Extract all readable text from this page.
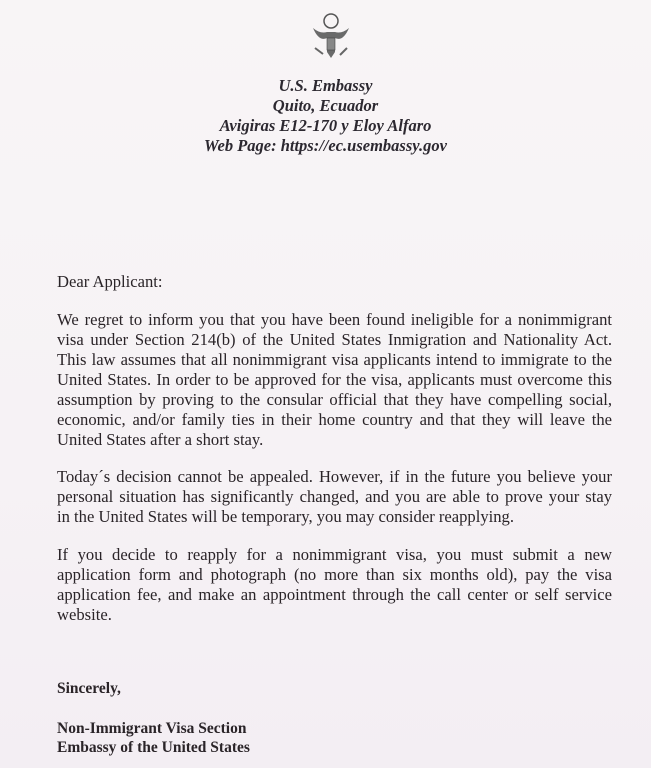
U.S. Embassy
Quito, Ecuador
Avigiras E12-170 y Eloy Alfaro
Web Page: https://ec.usembassy.gov
Dear Applicant:
We regret to inform you that you have been found ineligible for a nonimmigrant
visa under Section 214(b) of the United States Inmigration and Nationality Act.
This law assumes that all nonimmigrant visa applicants intend to immigrate to the
United States. In order to be approved for the visa, applicants must overcome this
assumption by proving to the consular official that they have compelling social,
economic, and/or family ties in their home country and that they will leave the
United States after a short stay.
Today´s decision cannot be appealed. However, if in the future you believe your
personal situation has significantly changed, and you are able to prove your stay
in the United States will be temporary, you may consider reapplying.
If you decide to reapply for a nonimmigrant visa, you must submit a new
application form and photograph (no more than six months old), pay the visa
application fee, and make an appointment through the call center or self service
website.
Sincerely,
Non-Immigrant Visa Section
Embassy of the United States
